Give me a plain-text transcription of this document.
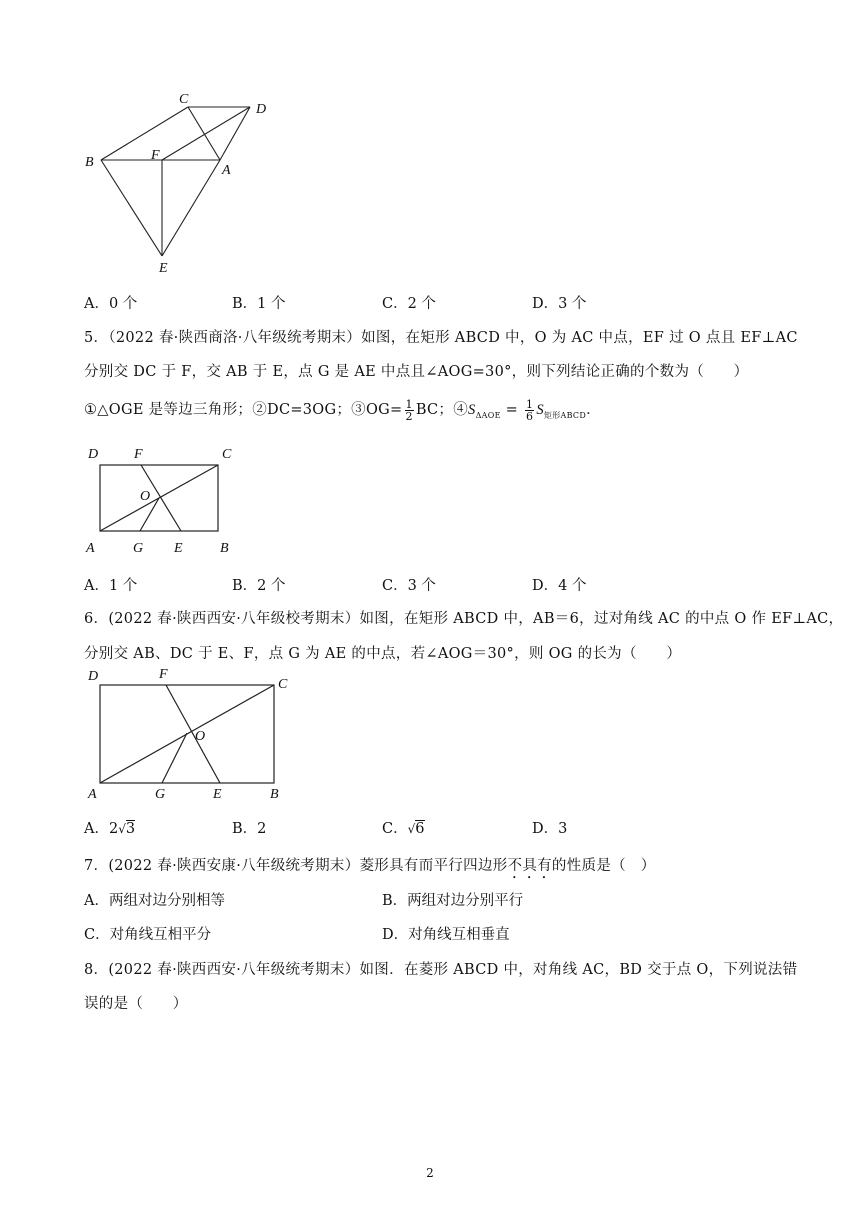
C
D
B	F
A
E
A．0 个	B．1 个	C．2 个	D．3 个
5．（2022 春·陕西商洛·八年级统考期末）如图，在矩形 ABCD 中，O 为 AC 中点，EF 过 O 点且 EF⊥AC
分别交 DC 于 F，交 AB 于 E，点 G 是 AE 中点且∠AOG=30°，则下列结论正确的个数为（　　）
①△OGE 是等边三角形；②DC=3OG；③OG= $\frac{1}{2}$ BC；$④S_{\Delta AOE} = \frac{1}{6} S_{矩形ABCD}$．
D	F	C
O
A	G E	B
A．1 个	B．2 个	C．3 个	D．4 个
6．(2022 春·陕西西安·八年级校考期末）如图，在矩形 ABCD 中，AB＝6，过对角线 AC 的中点 O 作 EF⊥AC，
分别交 AB、DC 于 E、F，点 G 为 AE 的中点，若∠AOG＝30°，则 OG 的长为（　　）
D	F
C
O
A	G	E	B
A．2√3	B．2	C．√6	D．3
7．(2022 春·陕西安康·八年级统考期末）菱形具有而平行四边形不具有的性质是（　）
A．两组对边分别相等	B．两组对边分别平行
C．对角线互相平分	D．对角线互相垂直
8．(2022 春·陕西西安·八年级统考期末）如图．在菱形 ABCD 中，对角线 AC，BD 交于点 O，下列说法错
误的是（　　）
2
